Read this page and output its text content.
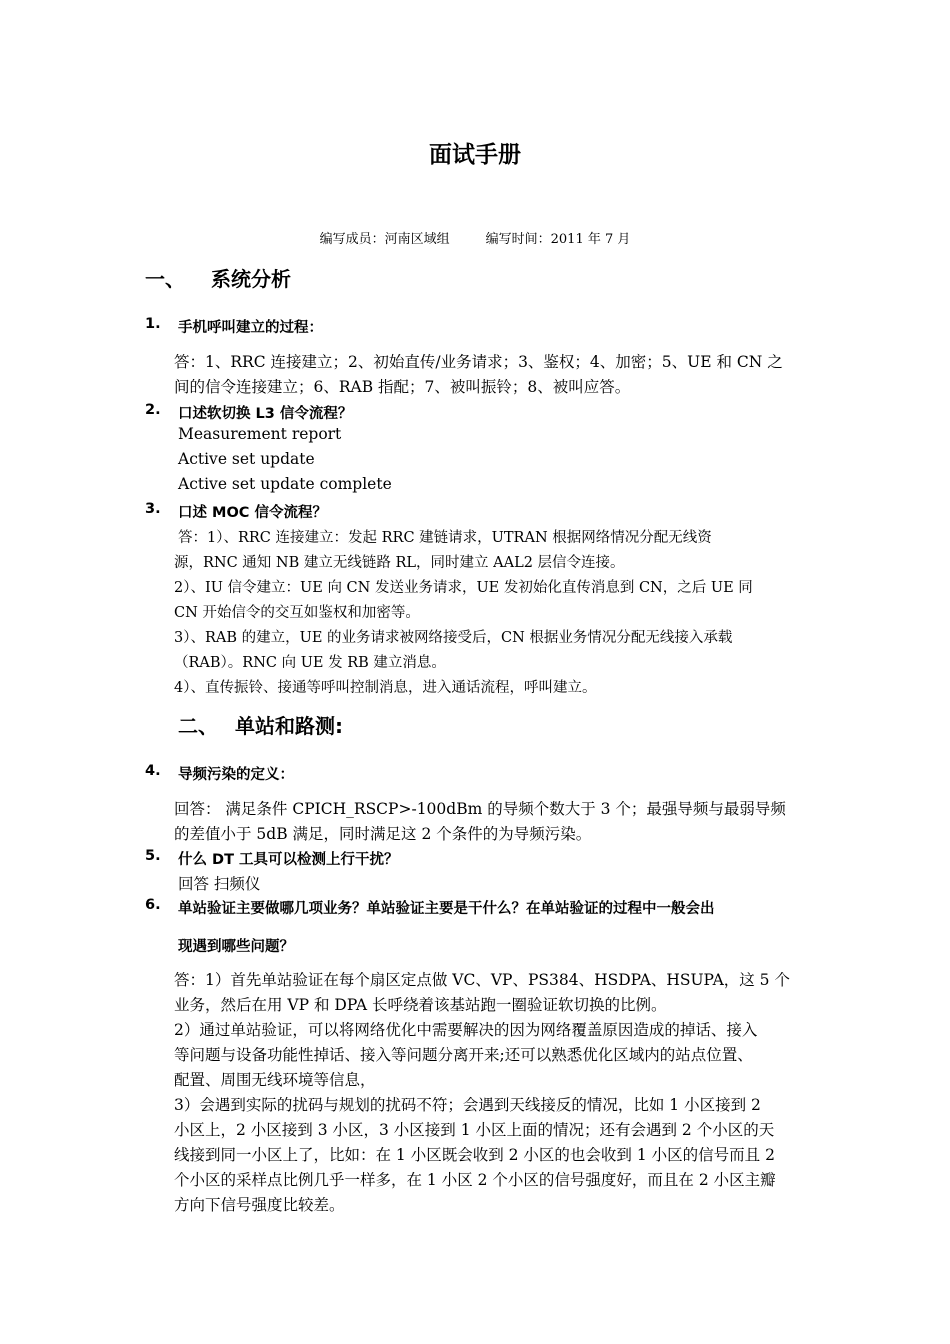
面试手册
编写成员：河南区域组	编写时间：2011 年 7 月
一、 系统分析
1. 手机呼叫建立的过程：
答：1、RRC 连接建立；2、初始直传/业务请求；3、鉴权；4、加密；5、UE 和 CN 之
间的信令连接建立；6、RAB 指配；7、被叫振铃；8、被叫应答。
2. 口述软切换 L3 信令流程？
Measurement report
Active set update
Active set update complete
3. 口述 MOC 信令流程？
答：1）、RRC 连接建立：发起 RRC 建链请求，UTRAN 根据网络情况分配无线资
源，RNC 通知 NB 建立无线链路 RL，同时建立 AAL2 层信令连接。
2）、IU 信令建立：UE 向 CN 发送业务请求，UE 发初始化直传消息到 CN，之后 UE 同
CN 开始信令的交互如鉴权和加密等。
3）、RAB 的建立，UE 的业务请求被网络接受后，CN 根据业务情况分配无线接入承载
（RAB）。RNC 向 UE 发 RB 建立消息。
4）、直传振铃、接通等呼叫控制消息，进入通话流程，呼叫建立。
二、 单站和路测:
4. 导频污染的定义：
回答： 满足条件 CPICH_RSCP>-100dBm 的导频个数大于 3 个；最强导频与最弱导频
的差值小于 5dB 满足，同时满足这 2 个条件的为导频污染。
5. 什么 DT 工具可以检测上行干扰？
回答 扫频仪
6. 单站验证主要做哪几项业务？单站验证主要是干什么？在单站验证的过程中一般会出
现遇到哪些问题？
答：1）首先单站验证在每个扇区定点做 VC、VP、PS384、HSDPA、HSUPA，这 5 个
业务，然后在用 VP 和 DPA 长呼绕着该基站跑一圈验证软切换的比例。
2）通过单站验证，可以将网络优化中需要解决的因为网络覆盖原因造成的掉话、接入
等问题与设备功能性掉话、接入等问题分离开来;还可以熟悉优化区域内的站点位置、
配置、周围无线环境等信息，
3）会遇到实际的扰码与规划的扰码不符；会遇到天线接反的情况，比如 1 小区接到 2
小区上，2 小区接到 3 小区，3 小区接到 1 小区上面的情况；还有会遇到 2 个小区的天
线接到同一小区上了，比如：在 1 小区既会收到 2 小区的也会收到 1 小区的信号而且 2
个小区的采样点比例几乎一样多，在 1 小区 2 个小区的信号强度好，而且在 2 小区主瓣
方向下信号强度比较差。
